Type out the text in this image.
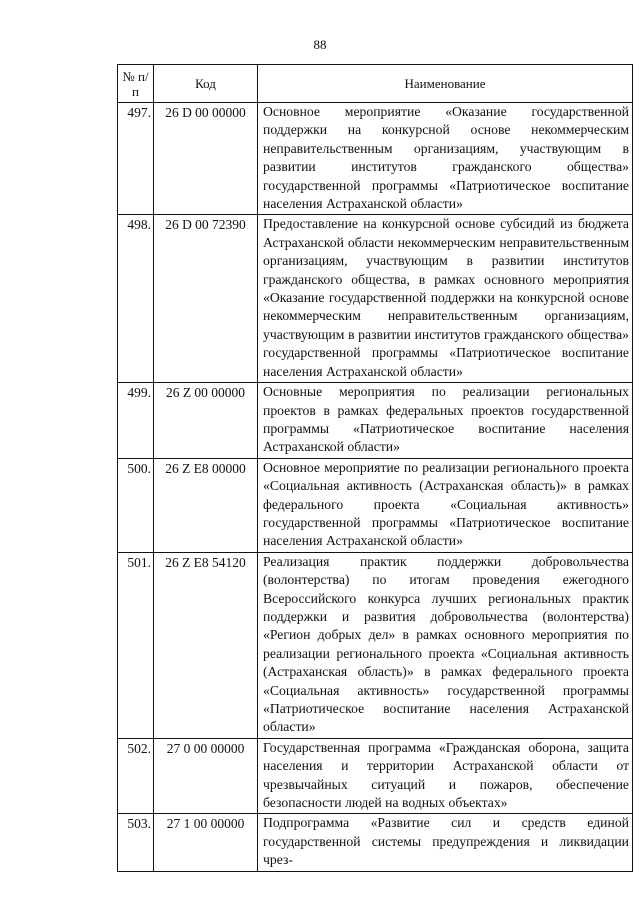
88
№ п/п	Код	Наименование
497.	26 D 00 00000	Основное мероприятие «Оказание государственной поддержки на конкурсной основе некоммерческим неправительственным организациям, участвующим в развитии институтов гражданского общества» государственной программы «Патриотическое воспитание населения Астраханской области»
498.	26 D 00 72390	Предоставление на конкурсной основе субсидий из бюджета Астраханской области некоммерческим неправительственным организациям, участвующим в развитии институтов гражданского общества, в рамках основного мероприятия «Оказание государственной поддержки на конкурсной основе некоммерческим неправительственным организациям, участвующим в развитии институтов гражданского общества» государственной программы «Патриотическое воспитание населения Астраханской области»
499.	26 Z 00 00000	Основные мероприятия по реализации региональных проектов в рамках федеральных проектов государственной программы «Патриотическое воспитание населения Астраханской области»
500.	26 Z E8 00000	Основное мероприятие по реализации регионального проекта «Социальная активность (Астраханская область)» в рамках федерального проекта «Социальная активность» государственной программы «Патриотическое воспитание населения Астраханской области»
501.	26 Z E8 54120	Реализация практик поддержки добровольчества (волонтерства) по итогам проведения ежегодного Всероссийского конкурса лучших региональных практик поддержки и развития добровольчества (волонтерства) «Регион добрых дел» в рамках основного мероприятия по реализации регионального проекта «Социальная активность (Астраханская область)» в рамках федерального проекта «Социальная активность» государственной программы «Патриотическое воспитание населения Астраханской области»
502.	27 0 00 00000	Государственная программа «Гражданская оборона, защита населения и территории Астраханской области от чрезвычайных ситуаций и пожаров, обеспечение безопасности людей на водных объектах»
503.	27 1 00 00000	Подпрограмма «Развитие сил и средств единой государственной системы предупреждения и ликвидации чрез-
